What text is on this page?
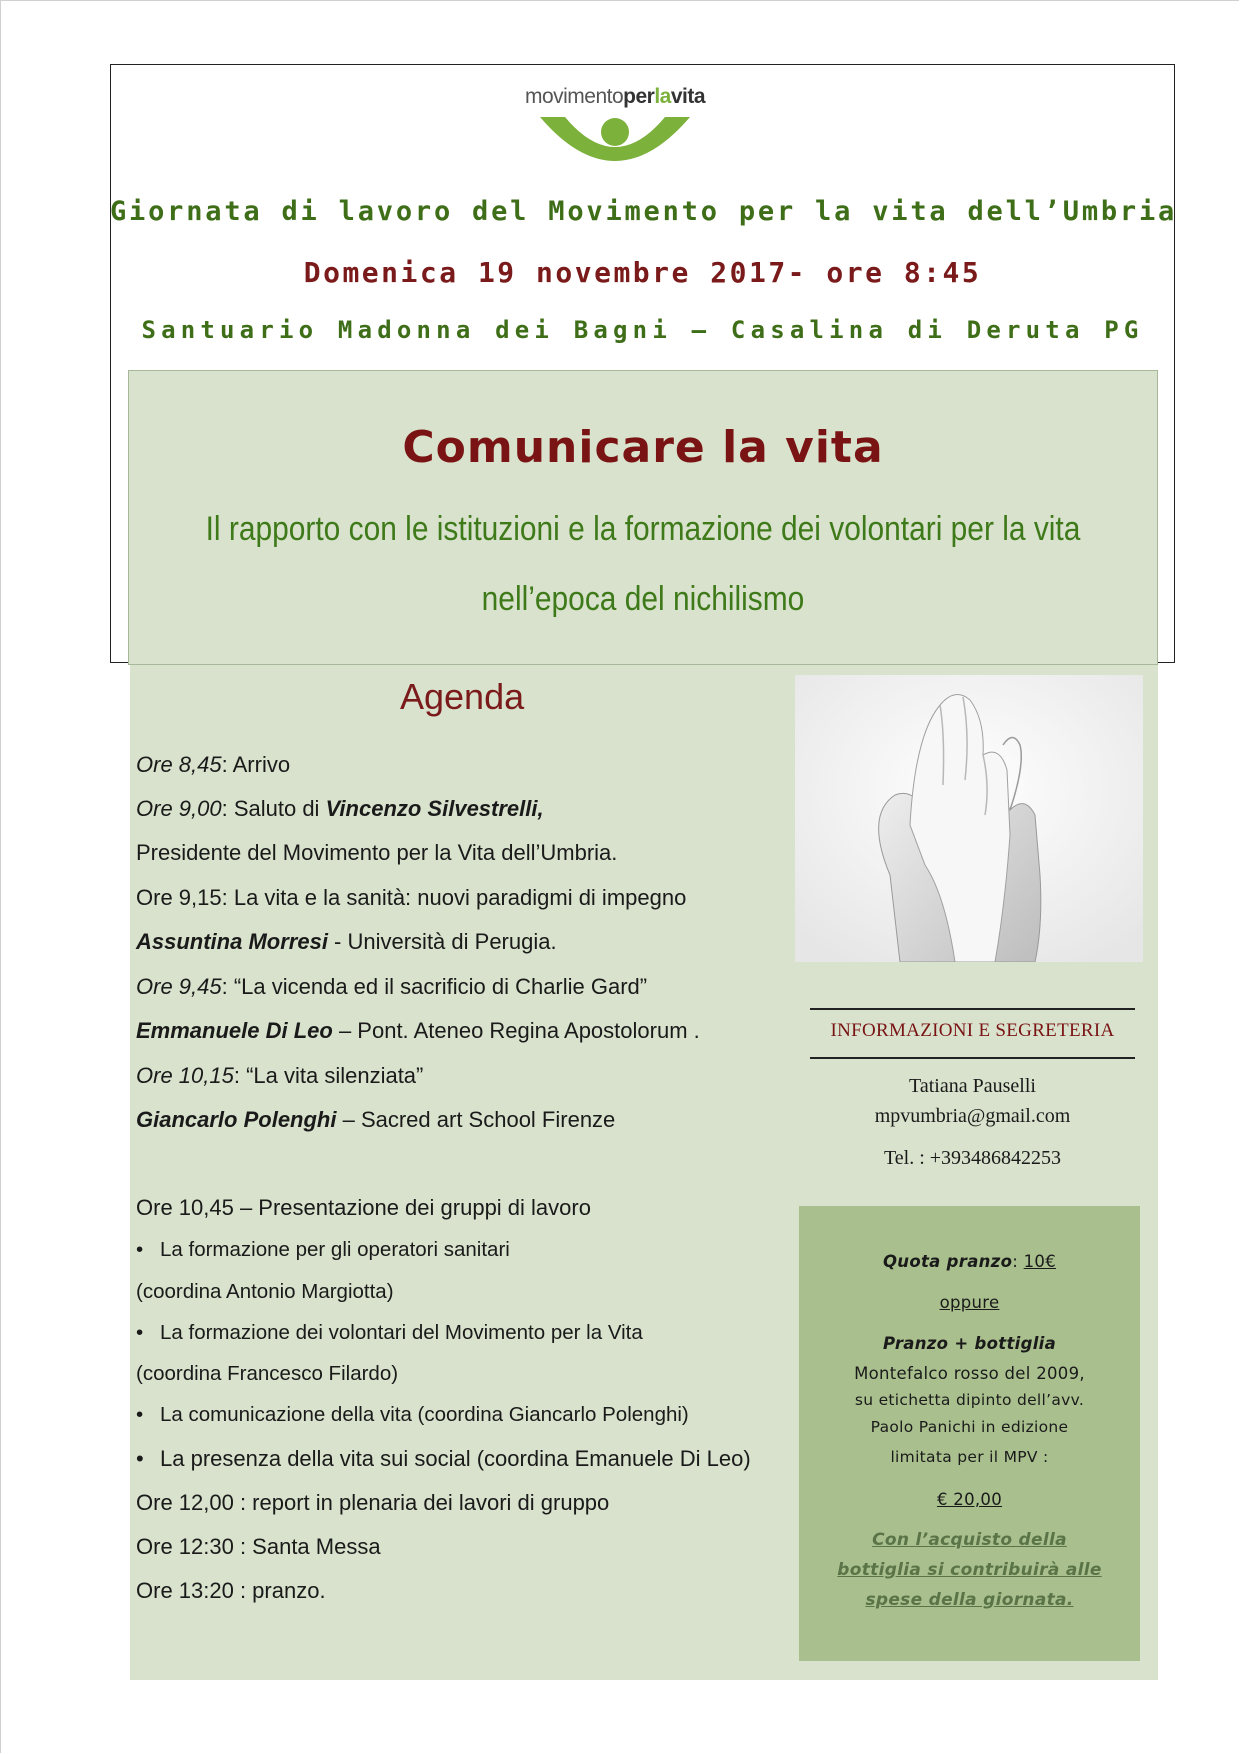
movimentoperlavita
Giornata di lavoro del Movimento per la vita dell’Umbria
Domenica 19 novembre 2017- ore 8:45
Santuario Madonna dei Bagni – Casalina di Deruta PG
Comunicare la vita
Il rapporto con le istituzioni e la formazione dei volontari per la vita
nell’epoca del nichilismo
Agenda
Ore 8,45: Arrivo
Ore 9,00: Saluto di Vincenzo Silvestrelli,
Presidente del Movimento per la Vita dell’Umbria.
Ore 9,15: La vita e la sanità: nuovi paradigmi di impegno
Assuntina Morresi - Università di Perugia.
Ore 9,45: “La vicenda ed il sacrificio di Charlie Gard”
Emmanuele Di Leo – Pont. Ateneo Regina Apostolorum .
Ore 10,15: “La vita silenziata”
Giancarlo Polenghi – Sacred art School Firenze
Ore 10,45 – Presentazione dei gruppi di lavoro
• La formazione per gli operatori sanitari
(coordina Antonio Margiotta)
• La formazione dei volontari del Movimento per la Vita
(coordina Francesco Filardo)
• La comunicazione della vita (coordina Giancarlo Polenghi)
• La presenza della vita sui social (coordina Emanuele Di Leo)
Ore 12,00 : report in plenaria dei lavori di gruppo
Ore 12:30 : Santa Messa
Ore 13:20 : pranzo.
INFORMAZIONI E SEGRETERIA
Tatiana Pauselli
mpvumbria@gmail.com
Tel. : +393486842253
Quota pranzo: 10€
oppure
Pranzo + bottiglia
Montefalco rosso del 2009,
su etichetta dipinto dell’avv.
Paolo Panichi in edizione
limitata per il MPV :
€ 20,00
Con l’acquisto della
bottiglia si contribuirà alle
spese della giornata.
